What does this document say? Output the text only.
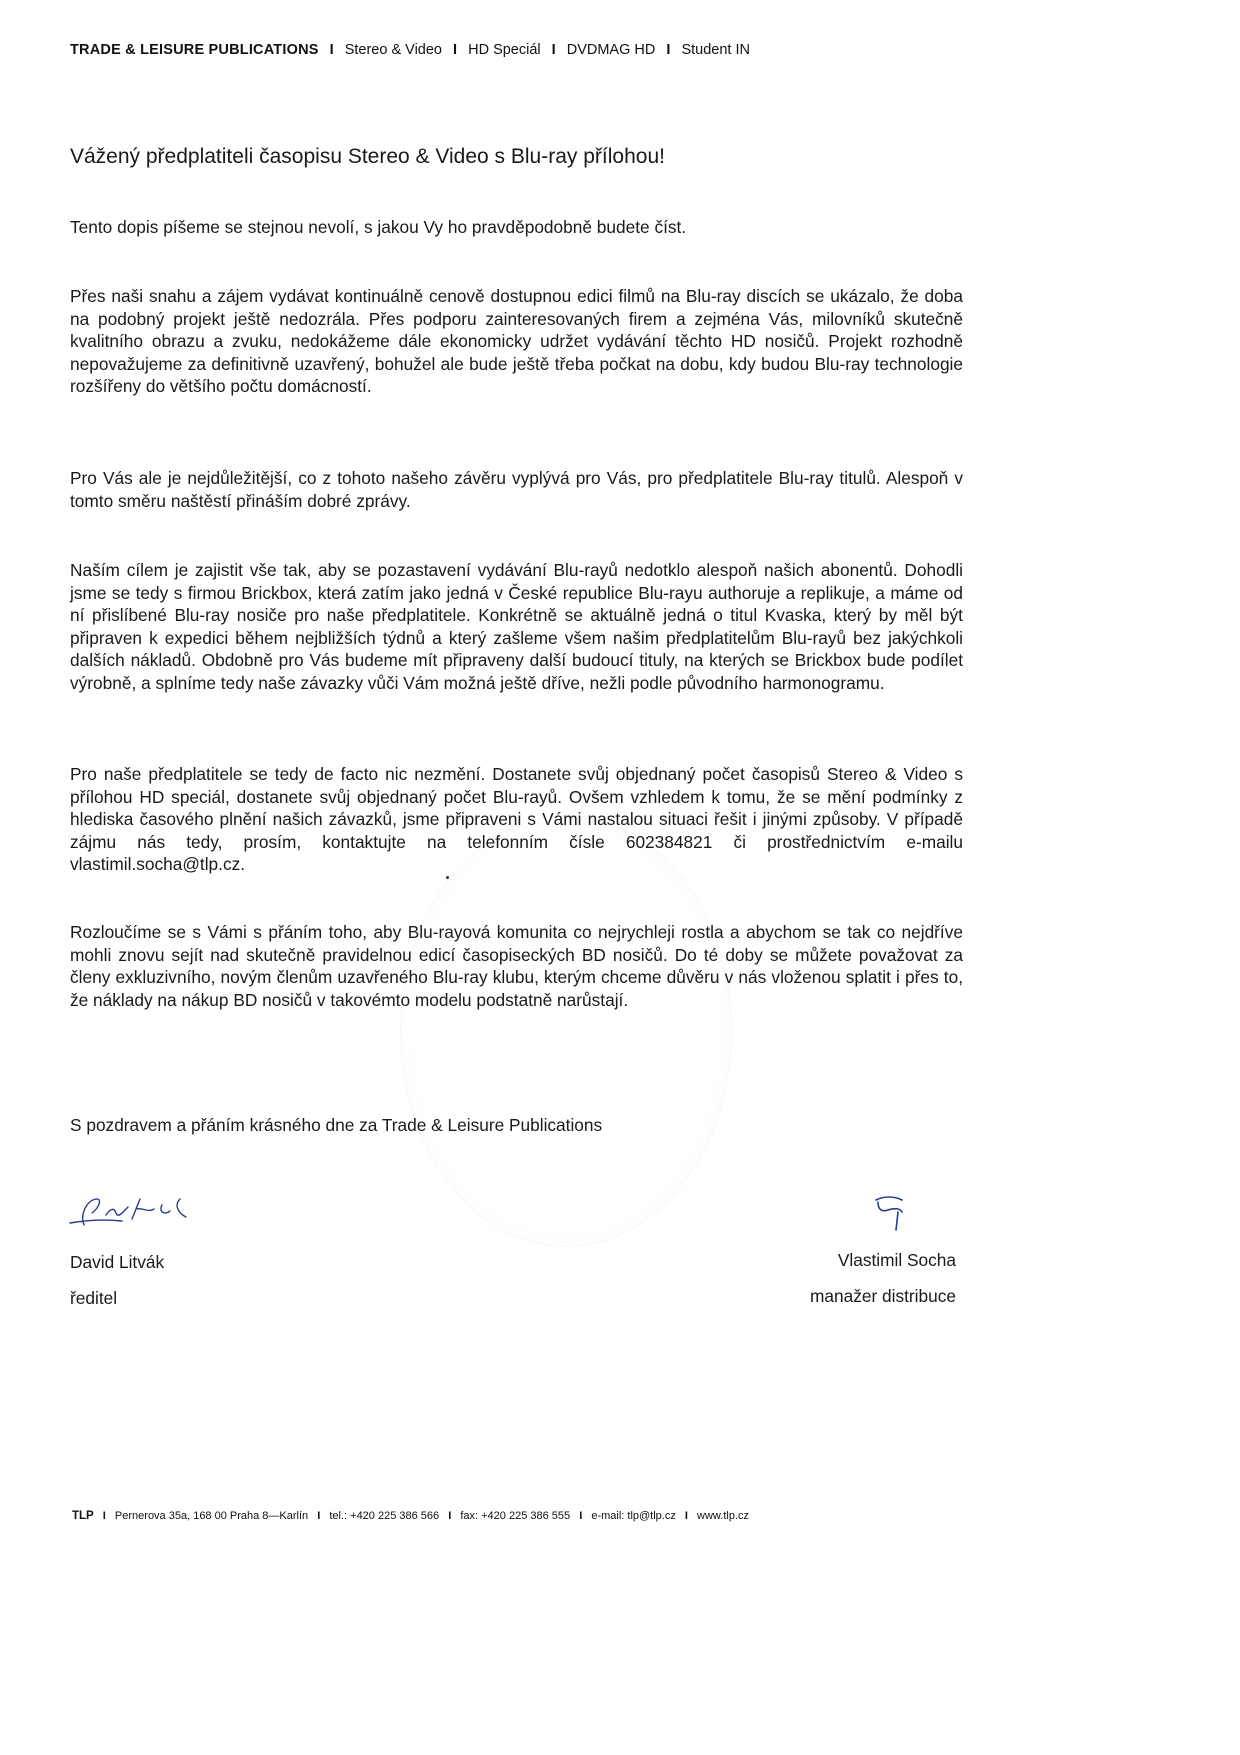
TRADE & LEISURE PUBLICATIONS I Stereo & Video I HD Speciál I DVDMAG HD I Student IN
Vážený předplatiteli časopisu Stereo & Video s Blu-ray přílohou!

Tento dopis píšeme se stejnou nevolí, s jakou Vy ho pravděpodobně budete číst.

Přes naši snahu a zájem vydávat kontinuálně cenově dostupnou edici filmů na Blu-ray discích se ukázalo, že doba na podobný projekt ještě nedozrála. Přes podporu zainteresovaných firem a zejména Vás, milovníků skutečně kvalitního obrazu a zvuku, nedokážeme dále ekonomicky udržet vydávání těchto HD nosičů. Projekt rozhodně nepovažujeme za definitivně uzavřený, bohužel ale bude ještě třeba počkat na dobu, kdy budou Blu-ray technologie rozšířeny do většího počtu domácností.

Pro Vás ale je nejdůležitější, co z tohoto našeho závěru vyplývá pro Vás, pro předplatitele Blu-ray titulů. Alespoň v tomto směru naštěstí přináším dobré zprávy.

Naším cílem je zajistit vše tak, aby se pozastavení vydávání Blu-rayů nedotklo alespoň našich abonentů. Dohodli jsme se tedy s firmou Brickbox, která zatím jako jedná v České republice Blu-rayu authoruje a replikuje, a máme od ní přislíbené Blu-ray nosiče pro naše předplatitele. Konkrétně se aktuálně jedná o titul Kvaska, který by měl být připraven k expedici během nejbližších týdnů a který zašleme všem našim předplatitelům Blu-rayů bez jakýchkoli dalších nákladů. Obdobně pro Vás budeme mít připraveny další budoucí tituly, na kterých se Brickbox bude podílet výrobně, a splníme tedy naše závazky vůči Vám možná ještě dříve, nežli podle původního harmonogramu.

Pro naše předplatitele se tedy de facto nic nezmění. Dostanete svůj objednaný počet časopisů Stereo & Video s přílohou HD speciál, dostanete svůj objednaný počet Blu-rayů. Ovšem vzhledem k tomu, že se mění podmínky z hlediska časového plnění našich závazků, jsme připraveni s Vámi nastalou situaci řešit i jinými způsoby. V případě zájmu nás tedy, prosím, kontaktujte na telefonním čísle 602384821 či prostřednictvím e-mailu vlastimil.socha@tlp.cz.

Rozloučíme se s Vámi s přáním toho, aby Blu-rayová komunita co nejrychleji rostla a abychom se tak co nejdříve mohli znovu sejít nad skutečně pravidelnou edicí časopiseckých BD nosičů. Do té doby se můžete považovat za členy exkluzivního, novým členům uzavřeného Blu-ray klubu, kterým chceme důvěru v nás vloženou splatit i přes to, že náklady na nákup BD nosičů v takovémto modelu podstatně narůstají.

S pozdravem a přáním krásného dne za Trade & Leisure Publications
David Litvák
ředitel
Vlastimil Socha
manažer distribuce
TLP I Pernerova 35a, 168 00 Praha 8—Karlín I tel.: +420 225 386 566 I fax: +420 225 386 555 I e-mail: tlp@tlp.cz I www.tlp.cz
